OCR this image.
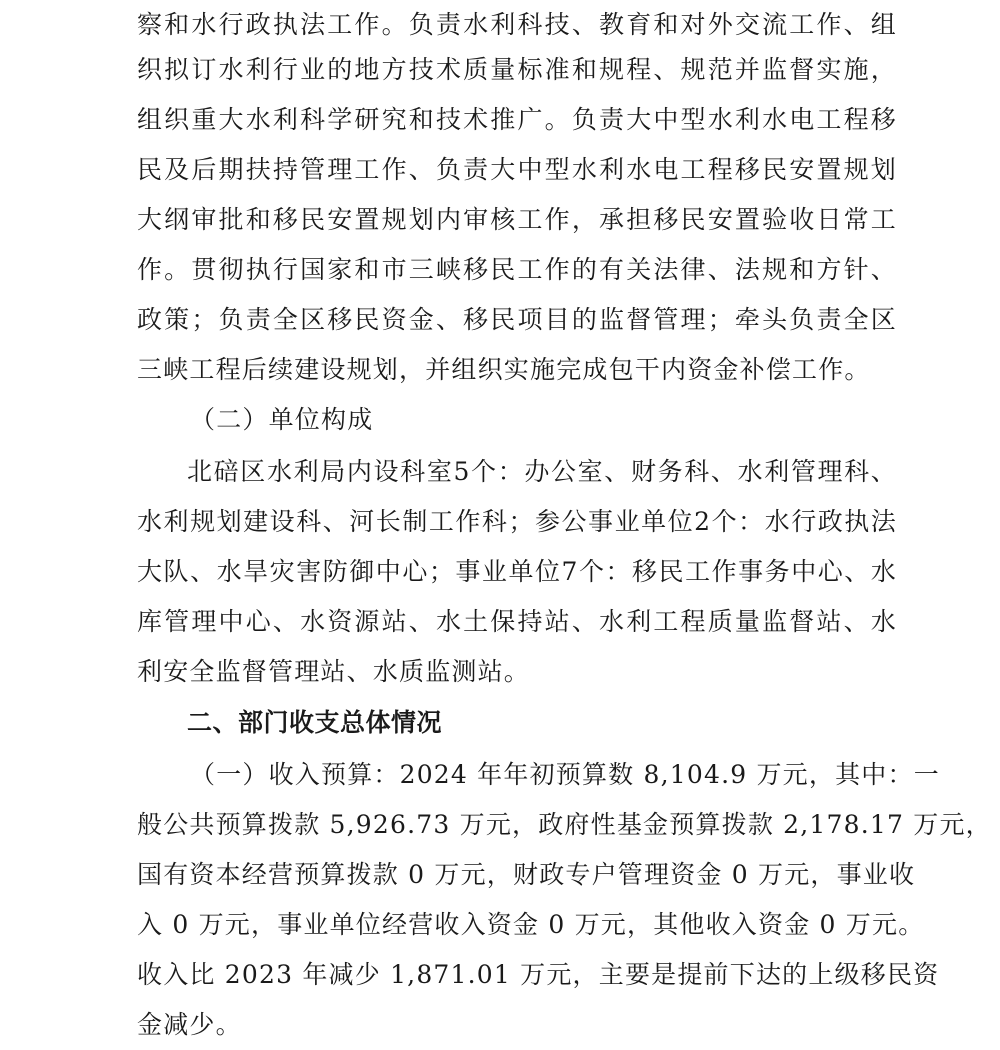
察和水行政执法工作。负责水利科技、教育和对外交流工作、组
织拟订水利行业的地方技术质量标准和规程、规范并监督实施，
组织重大水利科学研究和技术推广。负责大中型水利水电工程移
民及后期扶持管理工作、负责大中型水利水电工程移民安置规划
大纲审批和移民安置规划内审核工作，承担移民安置验收日常工
作。贯彻执行国家和市三峡移民工作的有关法律、法规和方针、
政策；负责全区移民资金、移民项目的监督管理；牵头负责全区
三峡工程后续建设规划，并组织实施完成包干内资金补偿工作。
（二）单位构成
北碚区水利局内设科室5个：办公室、财务科、水利管理科、
水利规划建设科、河长制工作科；参公事业单位2个：水行政执法
大队、水旱灾害防御中心；事业单位7个：移民工作事务中心、水
库管理中心、水资源站、水土保持站、水利工程质量监督站、水
利安全监督管理站、水质监测站。
二、部门收支总体情况
（一）收入预算：2024 年年初预算数 8,104.9 万元，其中：一
般公共预算拨款 5,926.73 万元，政府性基金预算拨款 2,178.17 万元，
国有资本经营预算拨款 0 万元，财政专户管理资金 0 万元，事业收
入 0 万元，事业单位经营收入资金 0 万元，其他收入资金 0 万元。
收入比 2023 年减少 1,871.01 万元，主要是提前下达的上级移民资
金减少。
